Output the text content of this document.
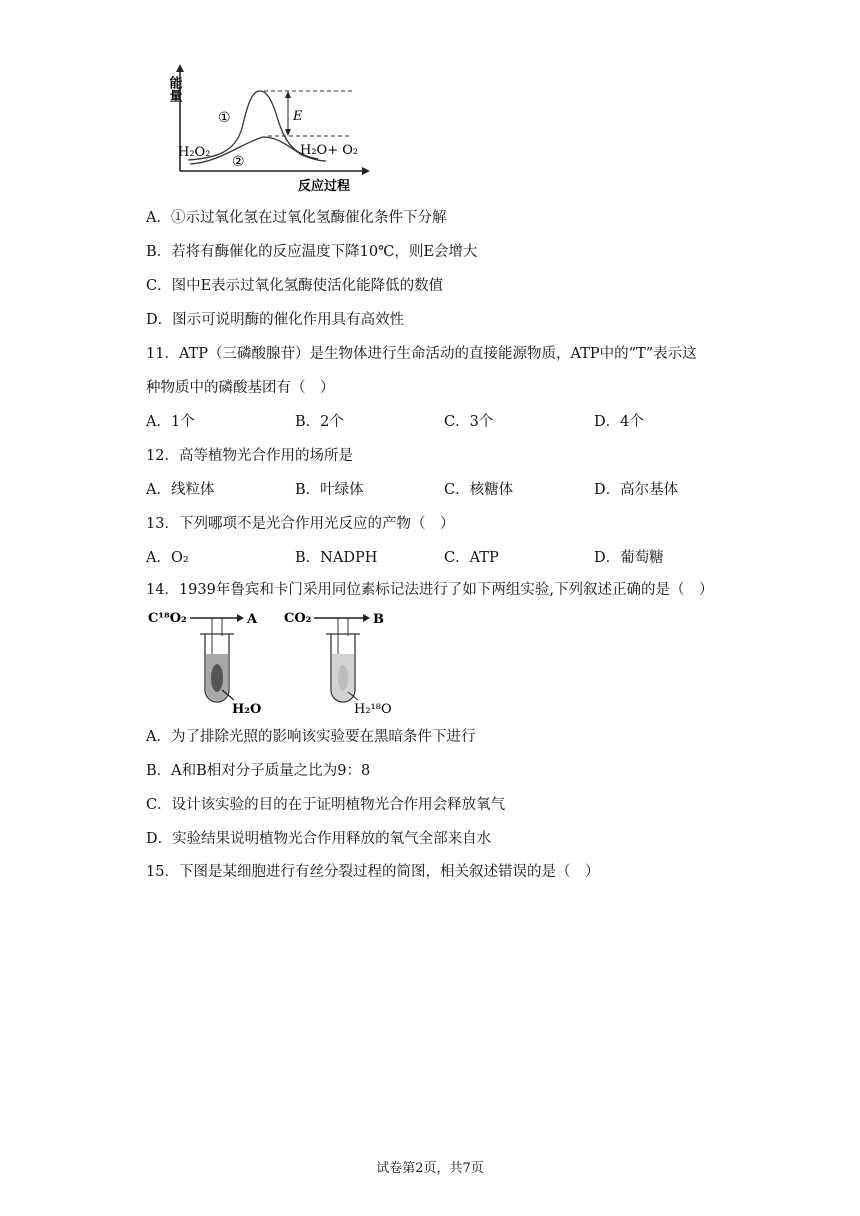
能量
E
①
②
H₂O₂	H₂O+ O₂
反应过程
A．①示过氧化氢在过氧化氢酶催化条件下分解
B．若将有酶催化的反应温度下降10℃，则E会增大
C．图中E表示过氧化氢酶使活化能降低的数值
D．图示可说明酶的催化作用具有高效性
11．ATP（三磷酸腺苷）是生物体进行生命活动的直接能源物质，ATP中的“T”表示这
种物质中的磷酸基团有（　）
A．1个	B．2个	C．3个	D．4个
12．高等植物光合作用的场所是
A．线粒体	B．叶绿体	C．核糖体	D．高尔基体
13．下列哪项不是光合作用光反应的产物（　）
A．O₂	B．NADPH	C．ATP	D．葡萄糖
14．1939年鲁宾和卡门采用同位素标记法进行了如下两组实验,下列叙述正确的是（　）
C¹⁸O₂	A
H₂O
CO₂	B
H₂¹⁸O
A．为了排除光照的影响该实验要在黑暗条件下进行
B．A和B相对分子质量之比为9：8
C．设计该实验的目的在于证明植物光合作用会释放氧气
D．实验结果说明植物光合作用释放的氧气全部来自水
15．下图是某细胞进行有丝分裂过程的简图，相关叙述错误的是（　）
试卷第2页，共7页
